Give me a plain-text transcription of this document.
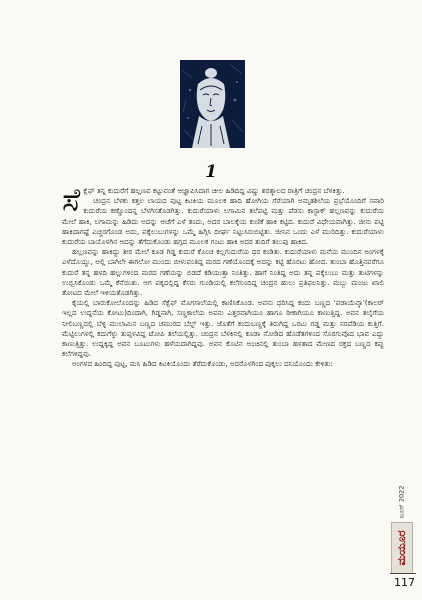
1

ಸೆಕ್ಷೆಫ್ ತನ್ನ ಕುದುರೆಗೆ ಹಲ್ಲಣವ ಕಟ್ಟುವಂತೆ ಆಜ್ಞಾಪಿಸಿದಾಗ ಚೀಲ ಹಿಡಿದಿದ್ದ ವಿಷ್ಣು ಶರತ್ಕಾಲದ ರಾತ್ರಿಗೆ ಚಂದ್ರನ ಬೆಳಕಿತ್ತು.

ಚಂದ್ರನ ಬೆಳಕು ಕತ್ತಲ ಲಾಯದ ಪುಟ್ಟ ಕಿಟಕಿಯ ಮೂಲಕ ಹಾದಿ ಹೋಗಿಯ ಗೆರೆಯಾಗಿ ಅಮೃತಶಿಲೆಯ ಪ್ರಭೆಯೊಂದಿಗೆ ಸವಾರಿ ಕುದುರೆಯ ಕಣ್ಣೊಂದನ್ನ ಬೆಳಗಿಸತೊಡಗಿತ್ತು. ಕುದುರೆಯಾಳು ಲಗಾಮಿನ ತಲೆಪಟ್ಟಿ ಮತ್ತು ಪೆಡಸು ಕಾಸ್ಟಾಕ್ ಹಲ್ಲಣವನ್ನು ಕುದುರೆಯ ಮೇಲೆ ಹಾಕಿ, ಲಗಾಮನ್ನು ಹಿಡಿದು ಅದನ್ನು ಆಚೆಗೆ ಎಳೆ ತಂದು, ಅದರ ಬಾಲಕ್ಕೆಯ ಕುಣಿಕೆ ಹಾಕಿ ಕಟ್ಟಿದ. ಕುದುರೆ ವಿಧೇಯವಾಗಿತ್ತು. ಜೀನು ಪಟ್ಟಿ ಹಾಕಿದಾಗಷ್ಟೆ ಎಚ್ಚರಗೊಂಡ ಅದು, ಪಕ್ಕೆಲುಬುಗಳನ್ನು ಒಮ್ಮೆ ಹಿಗ್ಗಿಸಿ ದೀರ್ಘ ನಿಟ್ಟುಸಿರುಬಿಟ್ಟಿತು. ಜೀನಿನ ಒಂದು ಎಳೆ ಮುರಿದಿತ್ತು. ಕುದುರೆಯಾಳು ಕುದುರೆಯ ಬಾಯೊಳಗಿನ ಅದನ್ನು ತೆಗೆದುಕೊಂಡು ಹಗ್ಗದ ಮೂಲಕ ಗಂಟು ಹಾಕಿ ಅದರ ತುದಿಗೆ ತಲುಪು ಹಾಕಿದ.

ಹಲ್ಲಣವನ್ನು ಹಾಕಿದ್ದು ತೀರ ಮೇಲೆ ಕೂಡ ಗಿಡ್ಡ ಕುದುರೆ ಕೊಂಚ ಕಲ್ಲಗುದುರೆಯ ಥರ ಕಂಡಿತು. ಕುದುರೆಯಾಳು ಮನೆಯ ಮುಂದಿನ ಅಂಗಳಕ್ಕೆ ಎಳೆದೊಯ್ದು, ಅಲ್ಲಿ ಬಾಗಿಲೇ ಈಗಲೋ ಮುಂದು ಬೀಳುವಂತಿದ್ದ ಮರದ ಗಣೆಯೊಂದಕ್ಕೆ ಅದನ್ನು ಕಟ್ಟಿ ಹೊರಟು ಹೋದ. ತುಂಬಾ ಹೊತ್ತಿನವರೆಗೂ ಕುದುರೆ ತನ್ನ ಹಳದಿ ಹಲ್ಲುಗಳಿಂದ ಮರದ ಗಣೆಯನ್ನು ಬಿಡದೆ ಕಡಿಯುತ್ತಾ ನಿಂತಿತ್ತು. ಹಾಗೆ ನಿಂತಿದ್ದ ಅದು ತನ್ನ ಪಕ್ಕೆಲುಬು ಮತ್ತು ತುಟಿಗಳನ್ನು ಉಬ್ಬಿಸಿಕೊಂಡು ಒಮ್ಮೆ ಕೆನೆಯಿತು. ಆಗ ಪಕ್ಕದಲ್ಲಿದ್ದ ಕೆಸರು ಗುಂಡಿಯಲ್ಲಿ ಕಲೆಗುಂದಿದ್ದ ಚಂದ್ರನ ಹುಲು ಪ್ರತಿಫಲನಿತ್ತು. ಮಬ್ಬು ಮಂಜು ಖಾಲಿ ತೋಟದ ಮೇಲೆ ಇಳಿಯತೊಡಗಿತ್ತು.

ಕೈಯಲ್ಲಿ ಬಾರುಕೋಲೊಂದನ್ನು ಹಿಡಿದ ಸೆಕ್ಷೆಫ್ ಮೊಗಸಾಲೆಯಲ್ಲಿ ಕಾಣಿಸಿಕೊಂಡ. ಅವನು ಧರಿಸಿದ್ದ ಕಂದು ಬಣ್ಣದ 'ಪಡಾಯೆವ್ಕಾ'(ಕಾಲರ್ ಇಲ್ಲದ ಉದ್ದನೆಯ ಕೋಟು)ದಿಂದಾಗಿ, ಗಿಡ್ಡನಾಗಿ, ಸಣ್ಣಕಾಲೆಯ ಅವನು ಎತ್ತರವಾಗಿಯೂ ಹಾಗೂ ಠೀಕಾಗಿಯೂ ಕಾಣುತ್ತಿದ್ದ. ಅವನ ತಲೈಗೆಯ ನೀಲಿಬಣ್ಣದಲ್ಲಿ ಬೆಳ್ಳಿ ಮುಲಾಮಿನ ಬಣ್ಣದ ಚಮುರದ ಬೆಲ್ಟ್ ಇತ್ತು. ಜೊತೆಗೆ ಕಂದುಬಣ್ಣಕ್ಕೆ ತಿರುಗಿದ್ದ ಒರಟು ಗಡ್ಡ ಮತ್ತು ನರಪೆಡಿಯ ಕುತ್ತಿಗೆ. ಮೆಟ್ಟಿಲುಗಳಲ್ಲಿ ಕದುಗೆಳ್ಳು ತುಪ್ಪಳವಿದ್ದ ಟೋಪಿ ತಲೆಯಲ್ಲಿತ್ತು. ಚಂದ್ರನ ಬೆಳಕಿನಲ್ಲಿ ಕೂಡಾ ನೋಡಿದ ಹೊಡೆತಗಳಿಂದ ಸೊರಗುವೊದ ಭಾವ ಎದ್ದು ಕಾಣುತ್ತಿತ್ತು. ಉದ್ದಕ್ಕಿದ್ದ ಅವನ ಬೂಟುಗಳು ಹಳೆಯದಾಗಿದ್ದವು. ಅವನ ಕೊಟಿನ ಅಂಚಿನಲ್ಲಿ ತುಂಬಾ ಹಳತಾದ ಮೇಣದ ರಕ್ತದ ಬಣ್ಣದ ಕಪ್ಪು ಕಲೆಗಳಿದ್ದವು.

ಅಂಗಳದ ಹಿಂದಿದ್ದ ಪುಟ್ಟ, ಮಸಿ ಹಿಡಿದ ಕಿಟಕಿಯೊಂದು ತೆರೆದುಕೊಂಡು, ಅದರೊಳಗಿಂದ ಪುಕ್ಕಲು ದನಿಯೊಂದು ಕೇಳಿತು:

ಜೂನ್ 2022
ಮಯೂರ
117
